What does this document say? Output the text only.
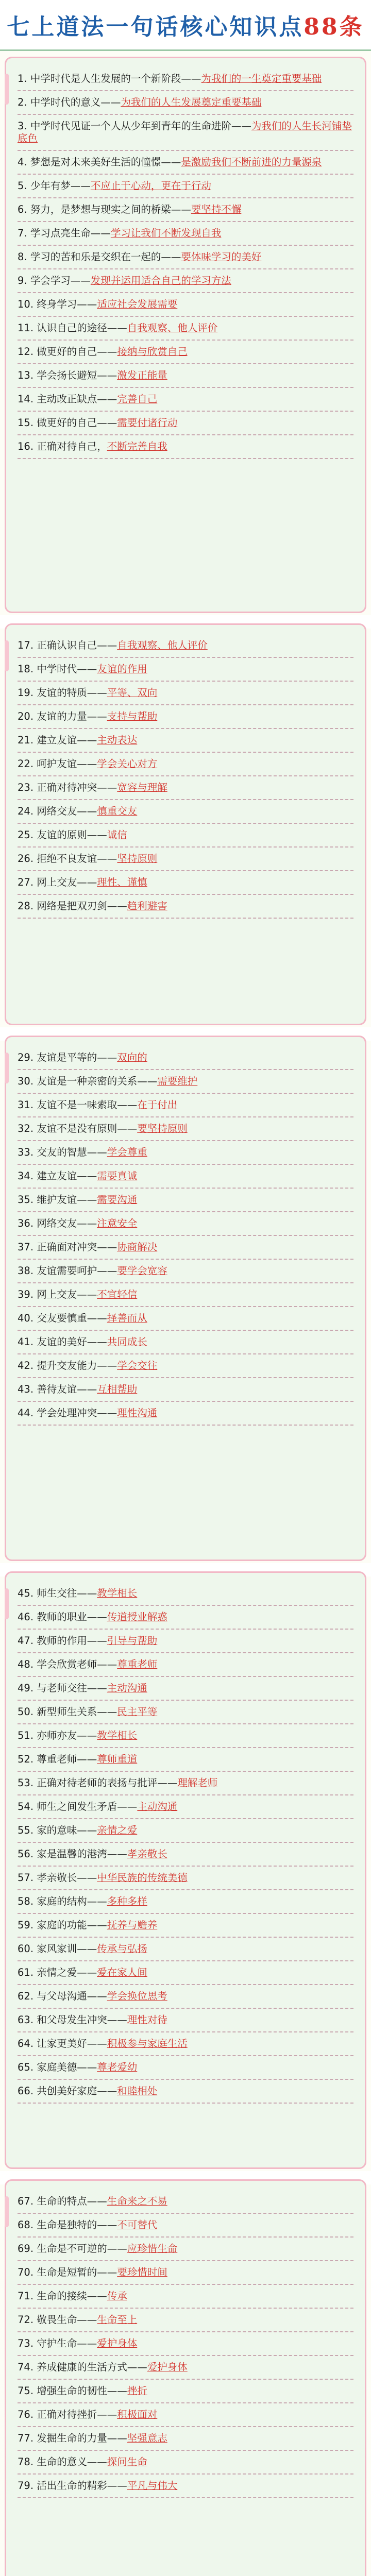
七上道法一句话核心知识点 88条
1. 中学时代是人生发展的一个新阶段——为我们的一生奠定重要基础
2. 中学时代的意义——为我们的人生发展奠定重要基础
3. 中学时代见证一个人从少年到青年的生命进阶——为我们的人生长河铺垫底色
4. 梦想是对未来美好生活的憧憬——是激励我们不断前进的力量源泉
5. 少年有梦——不应止于心动，更在于行动
6. 努力，是梦想与现实之间的桥梁——要坚持不懈
7. 学习点亮生命——学习让我们不断发现自我
8. 学习的苦和乐是交织在一起的——要体味学习的美好
9. 学会学习——发现并运用适合自己的学习方法
10. 终身学习——适应社会发展需要
11. 认识自己的途径——自我观察、他人评价
12. 做更好的自己——接纳与欣赏自己
13. 学会扬长避短——激发正能量
14. 主动改正缺点——完善自己
15. 做更好的自己——需要付诸行动
16. 正确对待自己，不断完善自我
17. 正确认识自己——自我观察、他人评价
18. 中学时代——友谊的作用
19. 友谊的特质——平等、双向
20. 友谊的力量——支持与帮助
21. 建立友谊——主动表达
22. 呵护友谊——学会关心对方
23. 正确对待冲突——宽容与理解
24. 网络交友——慎重交友
25. 友谊的原则——诚信
26. 拒绝不良友谊——坚持原则
27. 网上交友——理性、谨慎
28. 网络是把双刃剑——趋利避害
29. 友谊是平等的——双向的
30. 友谊是一种亲密的关系——需要维护
31. 友谊不是一味索取——在于付出
32. 友谊不是没有原则——要坚持原则
33. 交友的智慧——学会尊重
34. 建立友谊——需要真诚
35. 维护友谊——需要沟通
36. 网络交友——注意安全
37. 正确面对冲突——协商解决
38. 友谊需要呵护——要学会宽容
39. 网上交友——不宜轻信
40. 交友要慎重——择善而从
41. 友谊的美好——共同成长
42. 提升交友能力——学会交往
43. 善待友谊——互相帮助
44. 学会处理冲突——理性沟通
45. 师生交往——教学相长
46. 教师的职业——传道授业解惑
47. 教师的作用——引导与帮助
48. 学会欣赏老师——尊重老师
49. 与老师交往——主动沟通
50. 新型师生关系——民主平等
51. 亦师亦友——教学相长
52. 尊重老师——尊师重道
53. 正确对待老师的表扬与批评——理解老师
54. 师生之间发生矛盾——主动沟通
55. 家的意味——亲情之爱
56. 家是温馨的港湾——孝亲敬长
57. 孝亲敬长——中华民族的传统美德
58. 家庭的结构——多种多样
59. 家庭的功能——抚养与赡养
60. 家风家训——传承与弘扬
61. 亲情之爱——爱在家人间
62. 与父母沟通——学会换位思考
63. 和父母发生冲突——理性对待
64. 让家更美好——积极参与家庭生活
65. 家庭美德——尊老爱幼
66. 共创美好家庭——和睦相处
67. 生命的特点——生命来之不易
68. 生命是独特的——不可替代
69. 生命是不可逆的——应珍惜生命
70. 生命是短暂的——要珍惜时间
71. 生命的接续——传承
72. 敬畏生命——生命至上
73. 守护生命——爱护身体
74. 养成健康的生活方式——爱护身体
75. 增强生命的韧性——挫折
76. 正确对待挫折——积极面对
77. 发掘生命的力量——坚强意志
78. 生命的意义——探问生命
79. 活出生命的精彩——平凡与伟大
